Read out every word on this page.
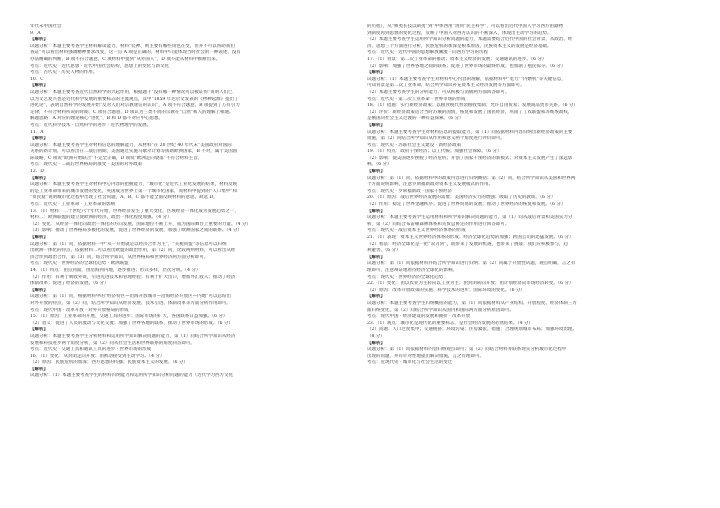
年代末中国社会

9．A

【解析】

试题分析：本题主要考查学生材料解读能力，材料“装神、则主要有哪些角色在变，但并不可以帮助我们

查证”可以看出材料强调精神要求改变，这一点 A 项是正确的，材料中只能体现当时社会的一种表述，没有

办法精确的判断，B 项不符合题意，C 项材料中提到“从外国人”，D 项不能从材料中推断出来。

考点：近代史 · 近代思想 · 近代中国社会结构，思想上的变化与新文化

考点：古代史 · 历史人物的作用。

10．C

【解析】

试题分析：本题主要考查近代自然科学的兴起作用，根据题干“没有哪一种情况可以被证伪”说明人们已

以为文艺复兴也是近代科学发展的重要标志的主流观点，其中“1859 年达尔文发表的《物种起源》提出了

进化论”，表明自然科学的发展开始“反对人们对宗教迷信的认识”，A 项不符合题意，B 项提到了万有引力

定律，不符合材料所说的时期，C 项符合题意，D 项认为三类不同的宗教在“自然”和人的理解上相通。

解题思路：A 对应的理论核心“进化”，B 和 D 都不对应中心思想。

考点：近代科学技术 · 自然科学的进步 · 近代物理学的发展。

11．A

【解析】

试题分析：本题主要考查学生对材料信息的理解能力，从材料“在 20 世纪 40 年代末”美国政府对国际

关系的新计划，可以看出在二战后初期，美国通过实施马歇尔计划等援助欧洲国家，B 不对，属于美国国

际战略，C 项说“欧洲开始联合”不完全正确，D 项说“欧洲走向衰落”不符合材料主旨。

考点：现代史 · 二战后世界格局的演变 · 美国的对外政策

12．D

【解析】

试题分析：本题主要考查学生对材料中心内容的把握能力，“城市化”是近代工业化发展的结果，材料反映

的是工业革命带来的城市发展的变化，英国成为世界上第一个城市化国家，而材料中提到的“人口集中”和

“贫民窟”说明城市化过程中出现了社会问题，A、B、C 都不能全面反映材料的意思，故选 D。

考点：近代史 · 工业革命 · 工业革命的影响

13．（1）材料：二十世纪六十年代开始，世界经济发生了重大变化，区域经济一体化成为发展趋势之一，

材料二：欧洲联盟的建立使欧洲的经济、政治一体化程度加强。（4 分）

（2）变化：从经济一体化向政治一体化的方向发展，国际地位不断上升，成为国际舞台上重要的力量。（4 分）

（3）影响：推动了世界格局多极化的发展，促进了世界经济的发展，加强了欧洲国家之间的联系。（4 分）

【解析】

试题分析：第（1）问，依据材料一中“从一开始就是以经济合作为主”，“关税同盟”等信息可以归纳

出欧洲一体化的特点，依据材料二可以看出欧盟的政治作用，第（2）问，比较两则材料，可以看出从经

济合作到政治合作，第（3）问，结合所学知识，从世界格局和世界经济两方面分析即可。

考点：现代史 · 世界经济的全球化趋势 · 欧洲联盟

14．（1）特点：由点到面，由沿海到内地，逐步推进；形式多样，层次分明。（4 分）

（2）作用：有利于吸收外资，引进先进技术和管理经验；有利于扩大出口，增加外汇收入；推动了经济

体制改革；促进了经济的发展。（6 分）

【解析】

试题分析：第（1）问，根据材料中的“经济特区—沿海开放城市—沿海经济开放区—内地”可以总结出

对外开放的特点，第（2）问，结合所学知识从经济发展、技术引进、体制改革等方面分析作用即可。

考点：现代中国 · 改革开放 · 对外开放格局的形成

15．（1）原因：工业革命的开展，交通工具的进步；国际市场的扩大，各国联系日益加强。（6 分）

（2）意义：促进了人员的流动与文化交流；加强了世界各地的联系，推动了世界市场的形成。（6 分）

【解析】

试题分析：本题主要考查学生分析材料和运用所学知识解决问题的能力，第（1）问结合所学知识从经济

发展和科技进步两个角度分析，第（2）问从社会生活和世界联系的角度回答即可。

考点：近代史 · 交通工具和通讯工具的进步 · 世界市场的形成

16．（1）变化：从封闭走向开放；由被动接受到主动学习。（4 分）

（2）原因：民族危机的加深；西方思想的传播；民族资本主义的发展。（6 分）

【解析】

试题分析：（1）本题主要考查学生的材料归纳能力和运用所学知识分析问题的能力（近代学习西方文化

的历程），从“师夷长技以制夷”到“中体西用”再到“民主科学”，可以看出近代中国人学习西方由器物

到制度再到思想的变化过程，反映了中国人对西方认识的不断深入，体现出主动学习的趋势。

（2）本题主要考查学生运用所学知识分析问题的能力，本题需要结合近代中国的社会背景，从政治、经

济、思想三个方面进行分析，民族危机的加深是根本原因，民族资本主义的发展是经济基础。

考点：近代史 · 近代中国的思想解放潮流 · 向西方学习的历程

17．（1）背景：第二次工业革命的推动；资本主义经济的发展；交通通讯的进步。（6 分）

（2）影响：加强了世界各地之间的联系；促进了世界市场的最终形成；也加剧了殖民掠夺。（6 分）

【解析】

试题分析：（1）本题主要考查学生对材料中心内容的理解，依据材料中“电力”“内燃机”等关键信息，

可知背景是第二次工业革命，结合所学知识补充资本主义经济发展等方面即可。

（2）本题主要考查学生的分析能力，可从积极与消极两方面回答即可。

考点：近代史 · 第二次工业革命 · 世界市场的形成

18．（1）措施：实行新经济政策；以粮食税代替余粮收集制；允许自由贸易；发展商品货币关系。（6 分）

（2）评价：新经济政策适合当时苏俄的国情，恢复和发展了国民经济，巩固了工农联盟和苏维埃政权，

是俄国向社会主义过渡的一种有益探索。（6 分）

【解析】

试题分析：本题主要考查学生对材料信息的提取能力，第（1）问依据材料内容归纳出新经济政策的主要

措施，第（2）问结合所学知识从作用和意义两个角度进行评价即可。

考点：现代史 · 苏联社会主义建设 · 新经济政策

19．（1）特点：政府干预经济；以工代赈；加强社会保障。（6 分）

（2）影响：使美国逐步摆脱了经济危机；开创了国家干预经济的新模式；对资本主义发展产生了深远影

响。（6 分）

【解析】

试题分析：第（1）问，依据材料中的政策内容进行归纳概括；第（2）问，结合所学知识从美国和世界两

个方面说明影响，注意罗斯福新政对资本主义发展模式的作用。

考点：现代史 · 罗斯福新政 · 国家干预经济

20．（1）原因：战后世界经济发展的需要；美国经济实力的增强；吸取了历史的教训。（6 分）

（2）作用：稳定了世界金融秩序；促进了世界贸易的发展；推动了世界经济的恢复和发展。（6 分）

【解析】

试题分析：本题主要考查学生运用材料和所学知识解决问题的能力，第（1）问从战后背景和美国实力分

析，第（2）问结合布雷顿森林体系和关贸总协定的作用进行回答即可。

考点：现代史 · 战后资本主义世界经济体系的形成

21．（1）表现：资本主义世界经济体系的形成；经济全球化趋势的加强；跨国公司的迅猛发展。（6 分）

（2）看法：经济全球化是一把“双刃剑”，既带来了发展的机遇，也带来了挑战；我们应积极参与，趋

利避害。（6 分）

【解析】

试题分析：第（1）问依据材料并结合所学知识进行归纳；第（2）问属于开放性试题，观点明确，言之有

理即可，注意辩证地看待经济全球化的影响。

考点：现代史 · 世界经济的全球化趋势

22．（1）变化：由以农业为主转向以工业为主；由封闭转向开放；由计划经济向市场经济转变。（6 分）

（2）原因：改革开放政策的实施；科学技术的进步；国际环境的变化。（6 分）

【解析】

试题分析：本题主要考查学生归纳概括的能力，第（1）问依据材料从产业结构、开放程度、经济体制三方

面归纳变化，第（2）问结合所学知识从国内和国际两方面分析原因即可。

考点：现代中国 · 经济建设的发展和曲折 · 改革开放

23．（1）观点：城市化是现代化的重要标志，是社会经济发展的必然结果。（4 分）

（2）问题：人口过度集中；交通拥挤；环境污染；住房紧张。措施：合理规划城市布局；加强环境治理。

（8 分）

【解析】

试题分析：第（1）问依据材料内容归纳观点即可；第（2）问结合材料并联系现实分析城市化过程中

出现的问题，并有针对性地提出解决措施，言之有理即可。

考点：近现代史 · 城市化与社会生活的变迁
